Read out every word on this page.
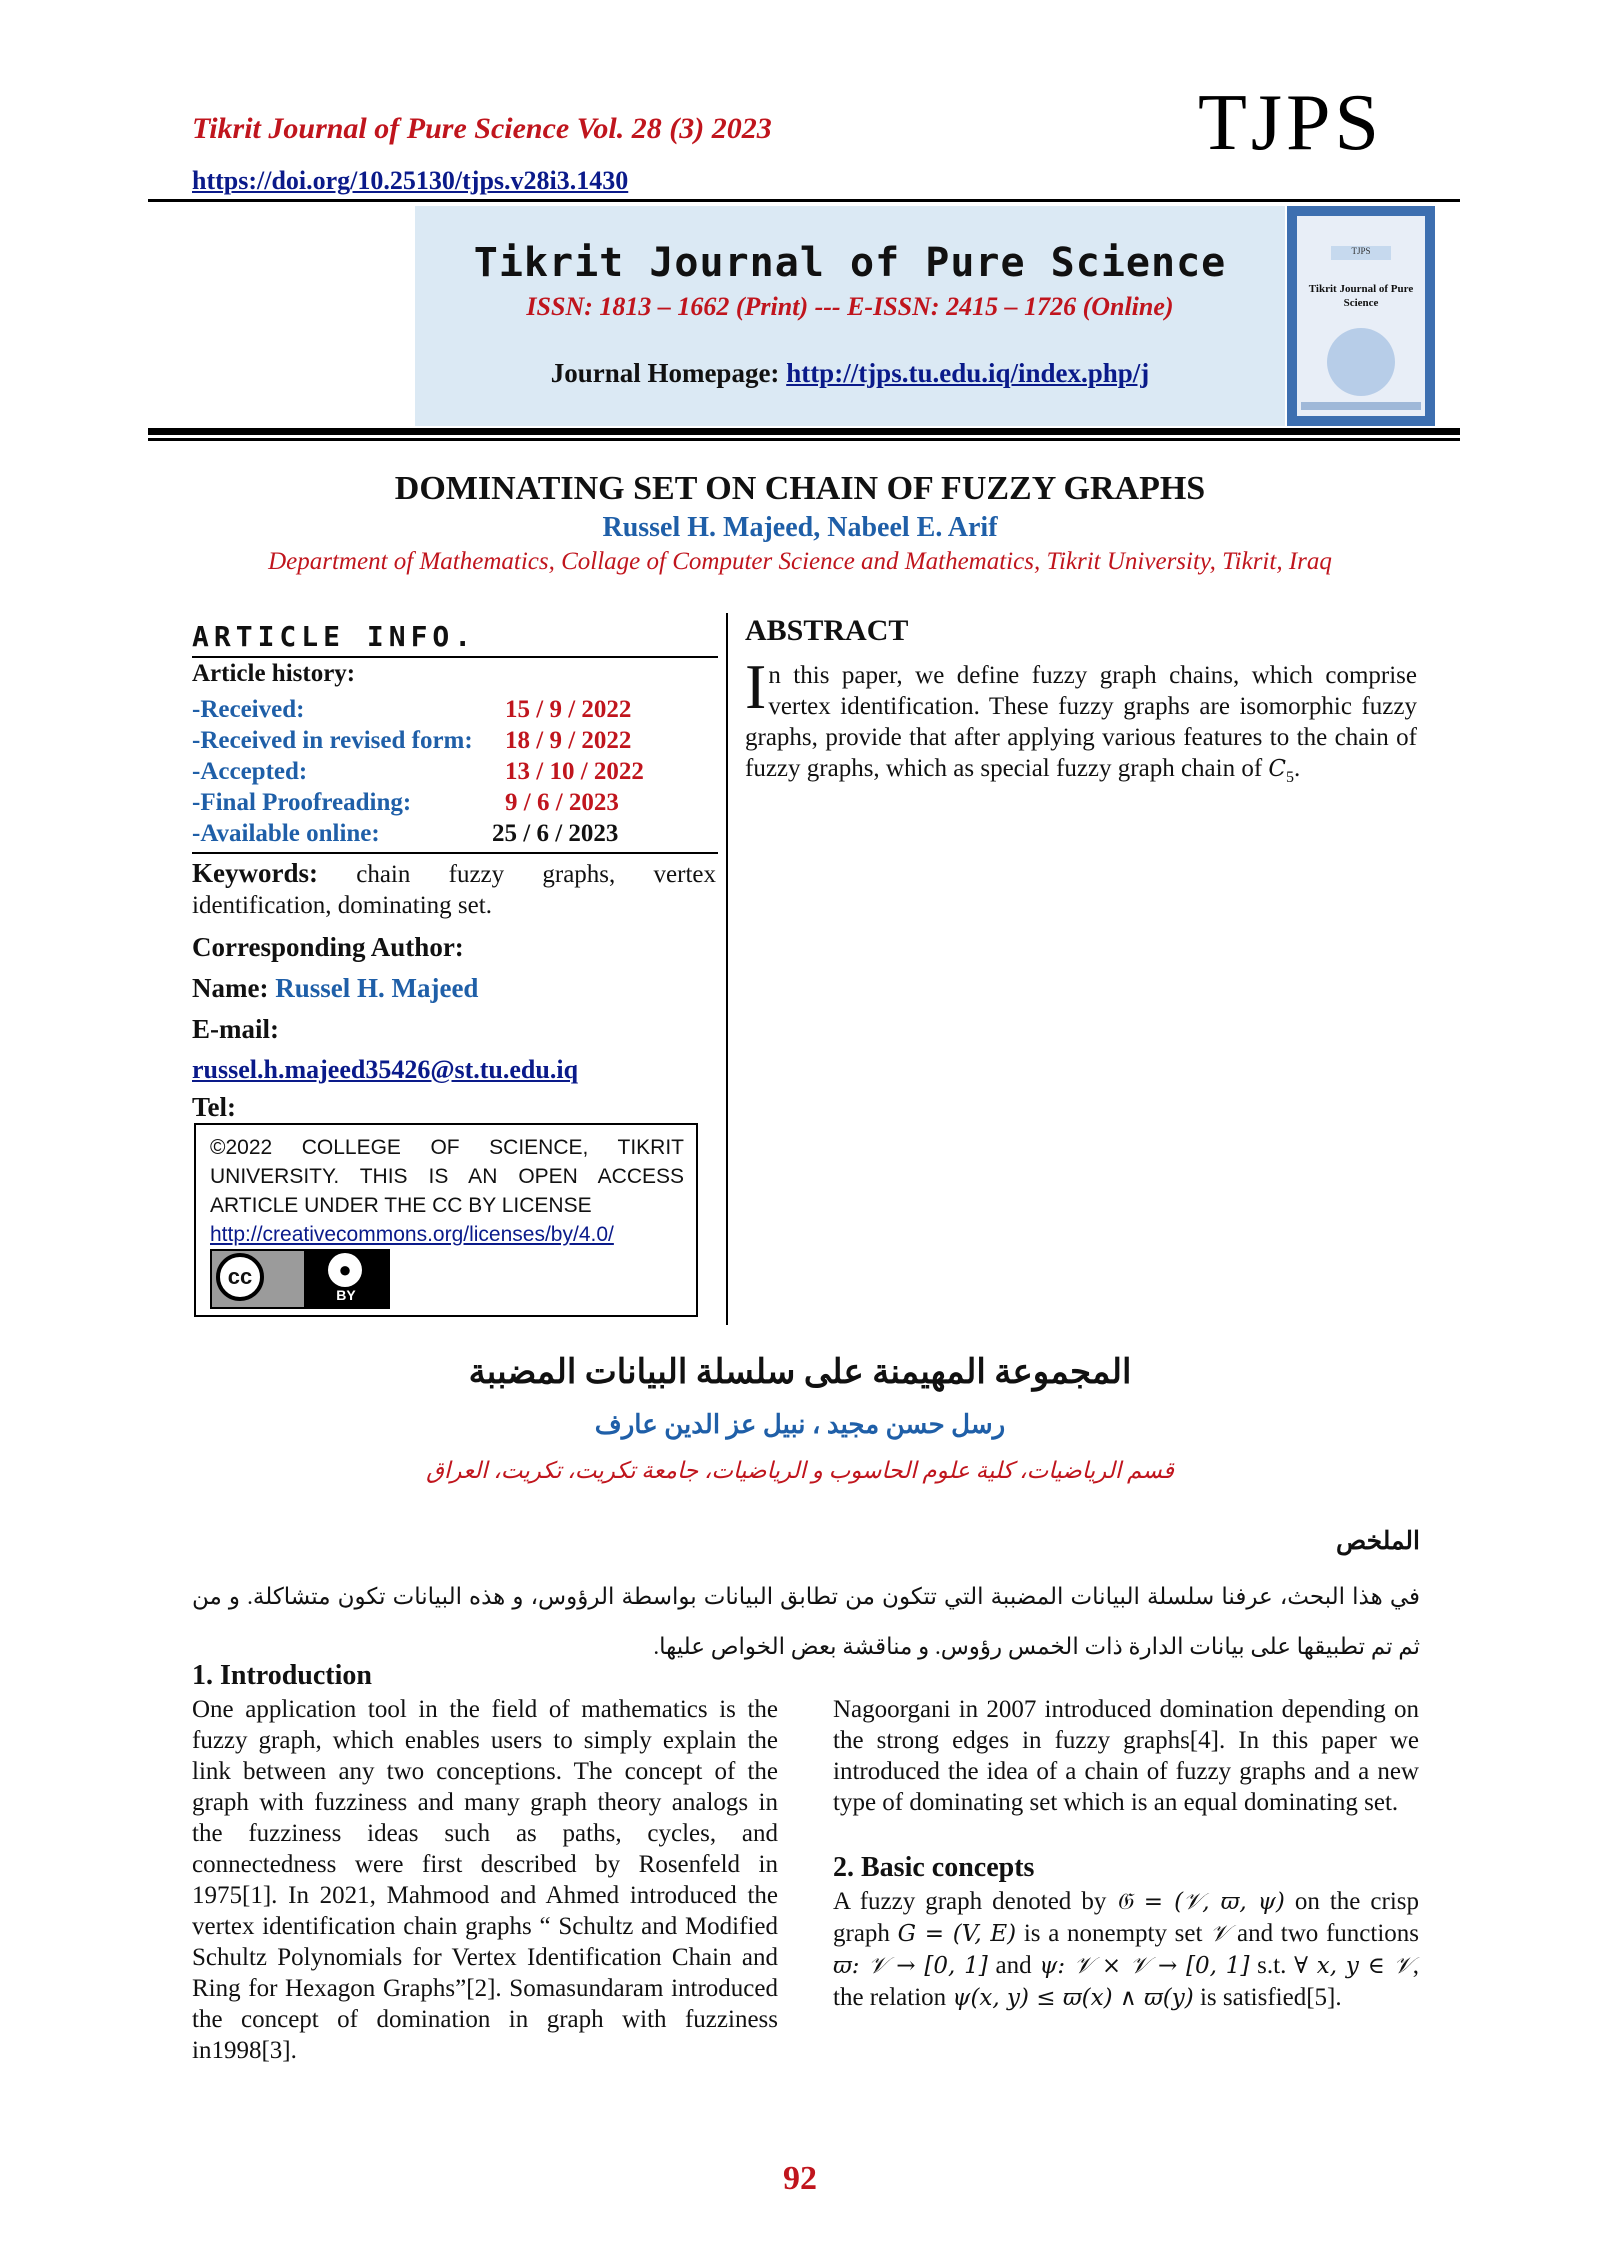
Tikrit Journal of Pure Science Vol. 28 (3) 2023
https://doi.org/10.25130/tjps.v28i3.1430
TJPS
Tikrit Journal of Pure Science
ISSN: 1813 – 1662 (Print) --- E-ISSN: 2415 – 1726 (Online)
Journal Homepage: http://tjps.tu.edu.iq/index.php/j
TJPS
Tikrit Journal of Pure Science
DOMINATING SET ON CHAIN OF FUZZY GRAPHS
Russel H. Majeed, Nabeel E. Arif
Department of Mathematics, Collage of Computer Science and Mathematics, Tikrit University, Tikrit, Iraq
ARTICLE INFO.
Article history:
-Received:	15 / 9 / 2022
-Received in revised form: 18 / 9 / 2022
-Accepted:	13 / 10 / 2022
-Final Proofreading:	9 / 6 / 2023
-Available online:	25 / 6 / 2023
Keywords: chain fuzzy graphs, vertex identification, dominating set.
Corresponding Author:
Name: Russel H. Majeed
E-mail:
russel.h.majeed35426@st.tu.edu.iq
Tel:
©2022 COLLEGE OF SCIENCE, TIKRIT UNIVERSITY. THIS IS AN OPEN ACCESS ARTICLE UNDER THE CC BY LICENSE
http://creativecommons.org/licenses/by/4.0/
cc	●
BY
ABSTRACT
In this paper, we define fuzzy graph chains, which comprise vertex identification. These fuzzy graphs are isomorphic fuzzy graphs, provide that after applying various features to the chain of fuzzy graphs, which as special fuzzy graph chain of $C_5$.
المجموعة المهيمنة على سلسلة البيانات المضببة
رسل حسن مجيد ، نبيل عز الدين عارف
قسم الرياضيات، كلية علوم الحاسوب و الرياضيات، جامعة تكريت، تكريت، العراق
الملخص
في هذا البحث، عرفنا سلسلة البيانات المضببة التي تتكون من تطابق البيانات بواسطة الرؤوس، و هذه البيانات تكون متشاكلة. و من ثم تم تطبيقها على بيانات الدارة ذات الخمس رؤوس. و مناقشة بعض الخواص عليها.
1. Introduction
One application tool in the field of mathematics is the fuzzy graph, which enables users to simply explain the link between any two conceptions. The concept of the graph with fuzziness and many graph theory analogs in the fuzziness ideas such as paths, cycles, and connectedness were first described by Rosenfeld in 1975[1]. In 2021, Mahmood and Ahmed introduced the vertex identification chain graphs “ Schultz and Modified Schultz Polynomials for Vertex Identification Chain and Ring for Hexagon Graphs”[2]. Somasundaram introduced the concept of domination in graph with fuzziness in1998[3].
Nagoorgani in 2007 introduced domination depending on the strong edges in fuzzy graphs[4]. In this paper we introduced the idea of a chain of fuzzy graphs and a new type of dominating set which is an equal dominating set.
2. Basic concepts
A fuzzy graph denoted by 𝔊 = (𝒱, ϖ, ψ) on the crisp graph G = (V, E) is a nonempty set 𝒱 and two functions ϖ: 𝒱 → [0, 1] and ψ: 𝒱 × 𝒱 → [0, 1] s.t. ∀ x, y ∈ 𝒱, the relation ψ(x, y) ≤ ϖ(x) ∧ ϖ(y) is satisfied[5].
92
